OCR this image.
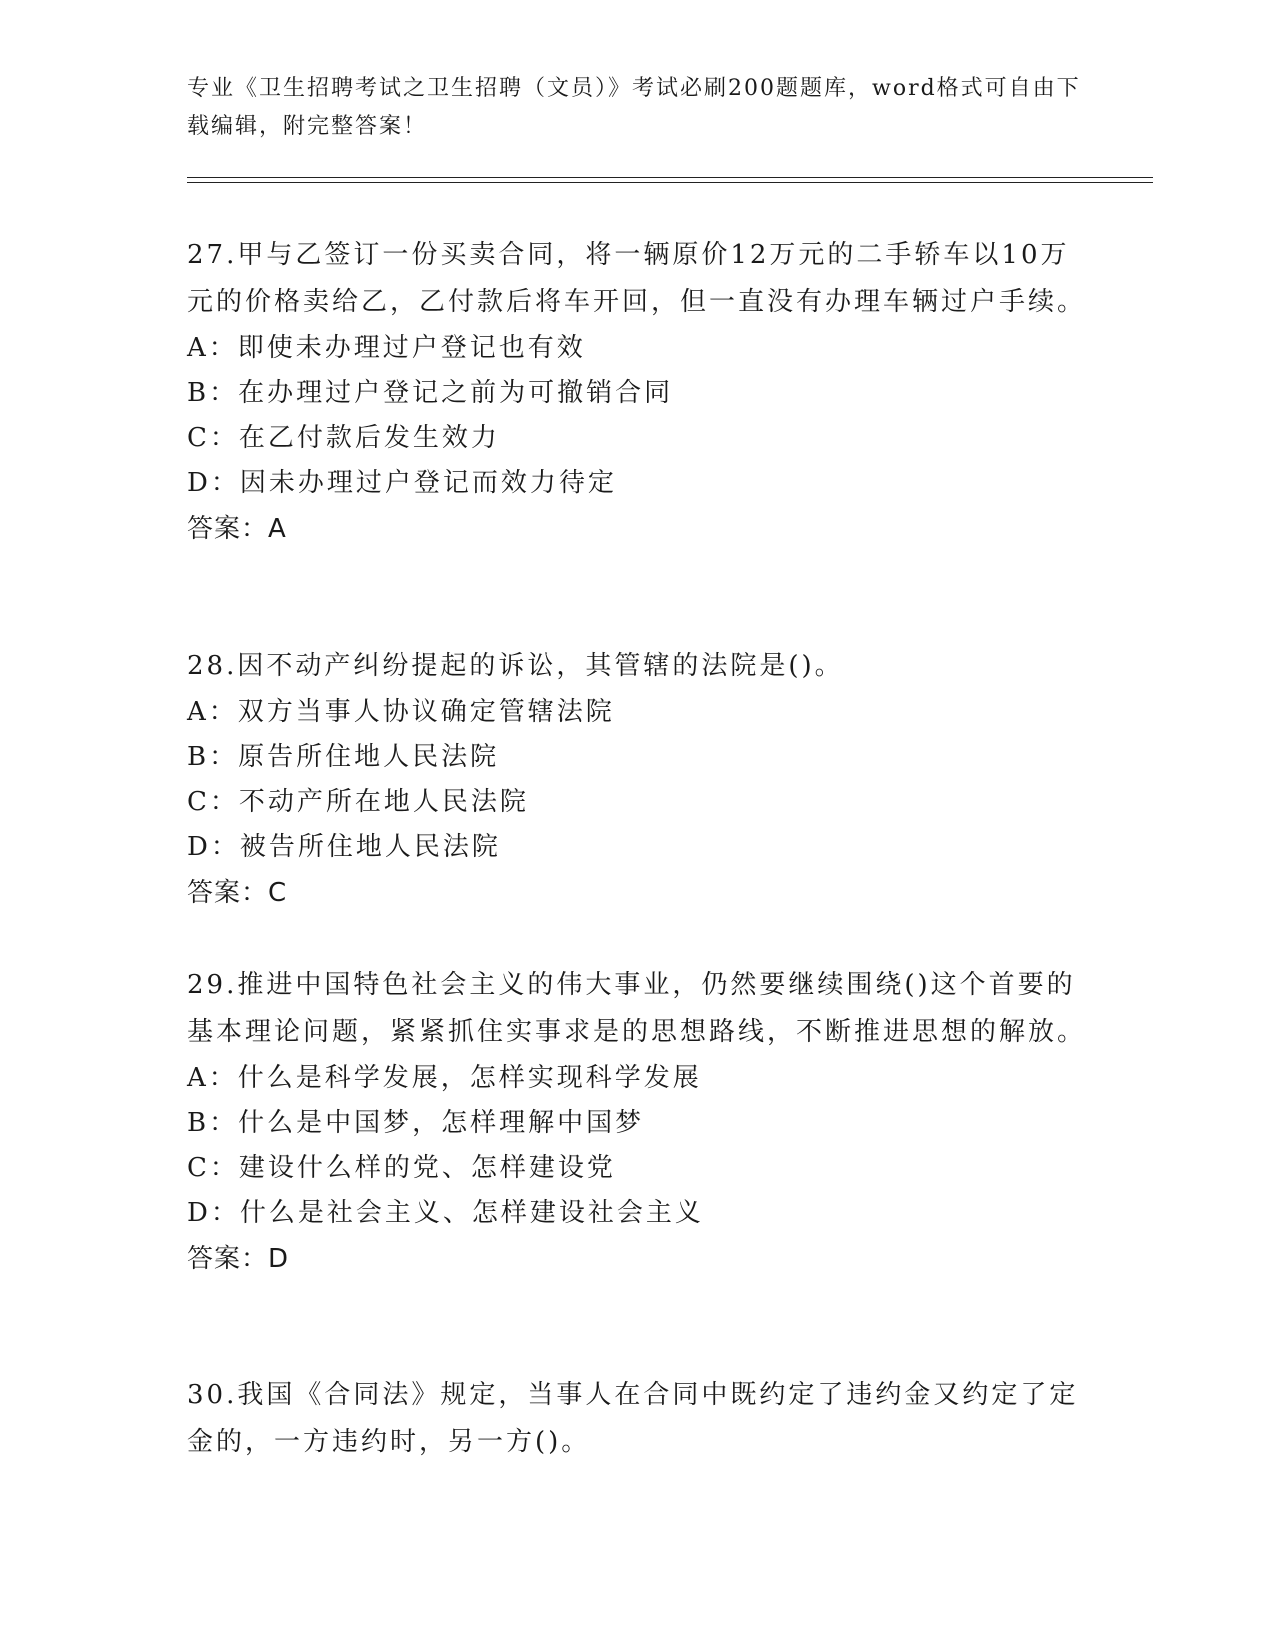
专业《卫生招聘考试之卫生招聘（文员）》考试必刷200题题库，word格式可自由下载编辑，附完整答案！
27.甲与乙签订一份买卖合同，将一辆原价12万元的二手轿车以10万元的价格卖给乙，乙付款后将车开回，但一直没有办理车辆过户手续。
A：即使未办理过户登记也有效
B：在办理过户登记之前为可撤销合同
C：在乙付款后发生效力
D：因未办理过户登记而效力待定
答案：A
28.因不动产纠纷提起的诉讼，其管辖的法院是()。
A：双方当事人协议确定管辖法院
B：原告所住地人民法院
C：不动产所在地人民法院
D：被告所住地人民法院
答案：C
29.推进中国特色社会主义的伟大事业，仍然要继续围绕()这个首要的基本理论问题，紧紧抓住实事求是的思想路线，不断推进思想的解放。
A：什么是科学发展，怎样实现科学发展
B：什么是中国梦，怎样理解中国梦
C：建设什么样的党、怎样建设党
D：什么是社会主义、怎样建设社会主义
答案：D
30.我国《合同法》规定，当事人在合同中既约定了违约金又约定了定金的，一方违约时，另一方()。
